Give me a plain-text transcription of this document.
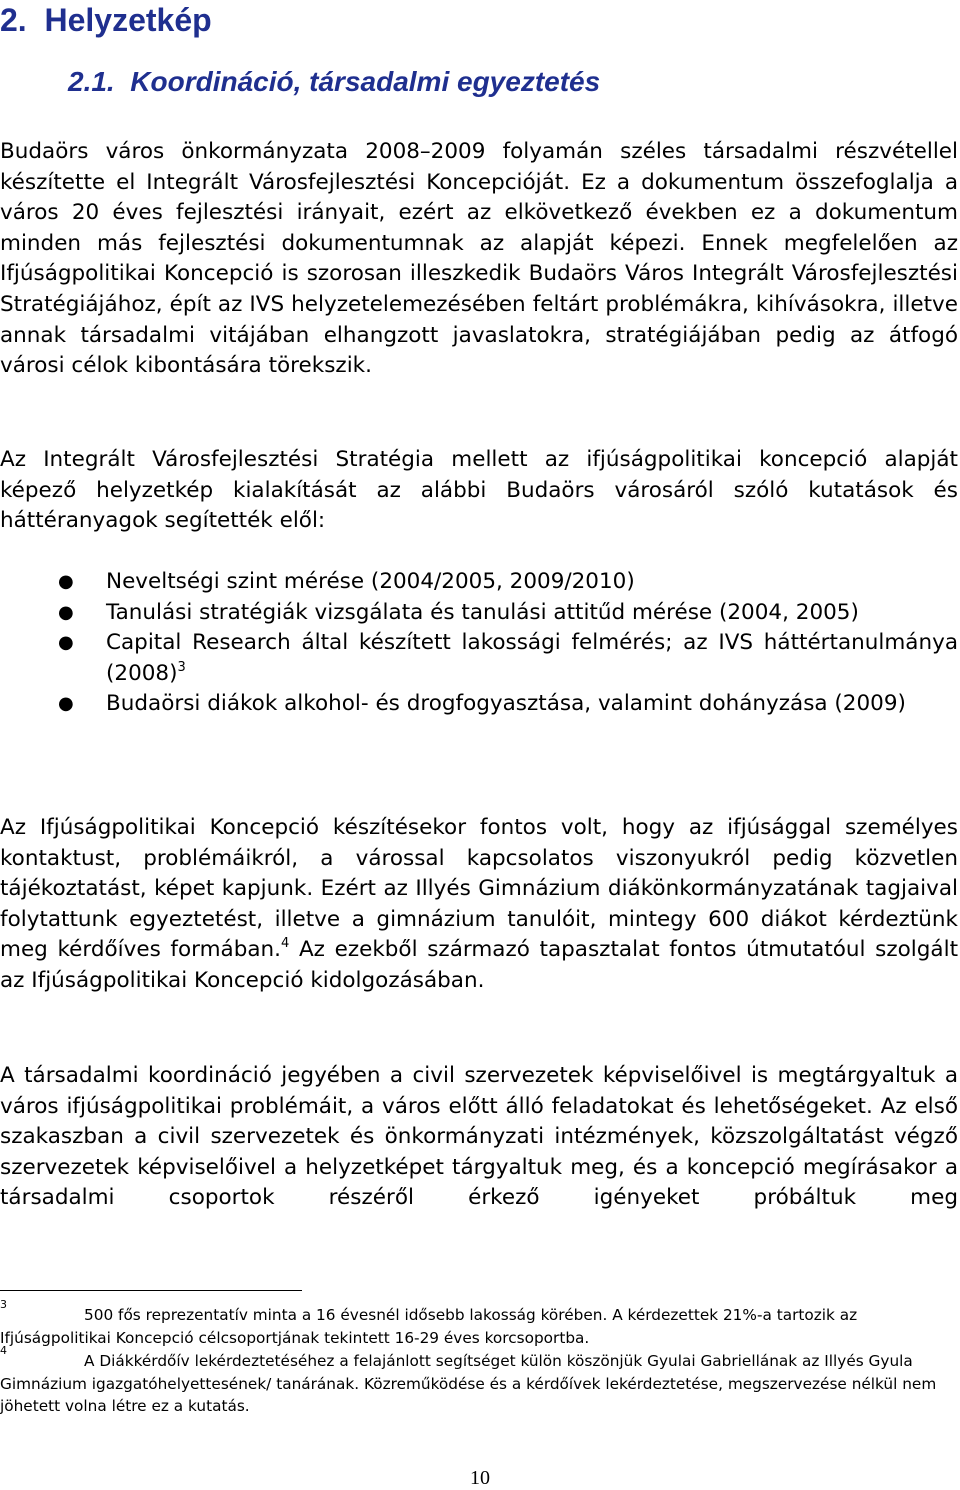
2. Helyzetkép
2.1. Koordináció, társadalmi egyeztetés

Budaörs város önkormányzata 2008–2009 folyamán széles társadalmi részvétellel készítette el Integrált Városfejlesztési Koncepcióját. Ez a dokumentum összefoglalja a város 20 éves fejlesztési irányait, ezért az elkövetkező években ez a dokumentum minden más fejlesztési dokumentumnak az alapját képezi. Ennek megfelelően az Ifjúságpolitikai Koncepció is szorosan illeszkedik Budaörs Város Integrált Városfejlesztési Stratégiájához, épít az IVS helyzetelemezésében feltárt problémákra, kihívásokra, illetve annak társadalmi vitájában elhangzott javaslatokra, stratégiájában pedig az átfogó városi célok kibontására törekszik.

Az Integrált Városfejlesztési Stratégia mellett az ifjúságpolitikai koncepció alapját képező helyzetkép kialakítását az alábbi Budaörs városáról szóló kutatások és háttéranyagok segítették elől:

● Neveltségi szint mérése (2004/2005, 2009/2010)
● Tanulási stratégiák vizsgálata és tanulási attitűd mérése (2004, 2005)
● Capital Research által készített lakossági felmérés; az IVS háttértanulmánya $(2008)^3$
● Budaörsi diákok alkohol- és drogfogyasztása, valamint dohányzása (2009)

Az Ifjúságpolitikai Koncepció készítésekor fontos volt, hogy az ifjúsággal személyes kontaktust, problémáikról, a várossal kapcsolatos viszonyukról pedig közvetlen tájékoztatást, képet kapjunk. Ezért az Illyés Gimnázium diákönkormányzatának tagjaival folytattunk egyeztetést, illetve a gimnázium tanulóit, mintegy 600 diákot kérdeztünk meg kérdőíves formában.$^4$ Az ezekből származó tapasztalat fontos útmutatóul szolgált az Ifjúságpolitikai Koncepció kidolgozásában.

A társadalmi koordináció jegyében a civil szervezetek képviselőivel is megtárgyaltuk a város ifjúságpolitikai problémáit, a város előtt álló feladatokat és lehetőségeket. Az első szakaszban a civil szervezetek és önkormányzati intézmények, közszolgáltatást végző szervezetek képviselőivel a helyzetképet tárgyaltuk meg, és a koncepció megírásakor a társadalmi csoportok részéről érkező igényeket próbáltuk meg

3
500 fős reprezentatív minta a 16 évesnél idősebb lakosság körében. A kérdezettek 21%-a tartozik az Ifjúságpolitikai Koncepció célcsoportjának tekintett 16-29 éves korcsoportba.
4
A Diákkérdőív lekérdeztetéséhez a felajánlott segítséget külön köszönjük Gyulai Gabriellának az Illyés Gyula Gimnázium igazgatóhelyettesének/ tanárának. Közreműködése és a kérdőívek lekérdeztetése, megszervezése nélkül nem jöhetett volna létre ez a kutatás.
10
